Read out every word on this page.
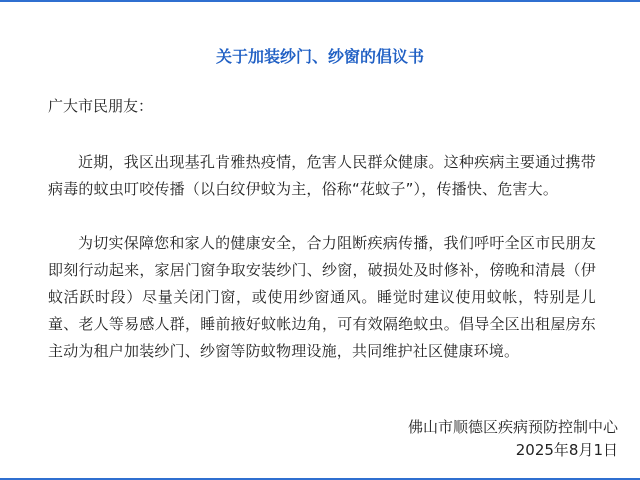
关于加装纱门、纱窗的倡议书
广大市民朋友：
近期，我区出现基孔肯雅热疫情，危害人民群众健康。这种疾病主要通过携带病毒的蚊虫叮咬传播（以白纹伊蚊为主，俗称“花蚊子”），传播快、危害大。
为切实保障您和家人的健康安全，合力阻断疾病传播，我们呼吁全区市民朋友即刻行动起来，家居门窗争取安装纱门、纱窗，破损处及时修补，傍晚和清晨（伊蚊活跃时段）尽量关闭门窗，或使用纱窗通风。睡觉时建议使用蚊帐，特别是儿童、老人等易感人群，睡前掖好蚊帐边角，可有效隔绝蚊虫。倡导全区出租屋房东主动为租户加装纱门、纱窗等防蚊物理设施，共同维护社区健康环境。
佛山市顺德区疾病预防控制中心
2025年8月1日
